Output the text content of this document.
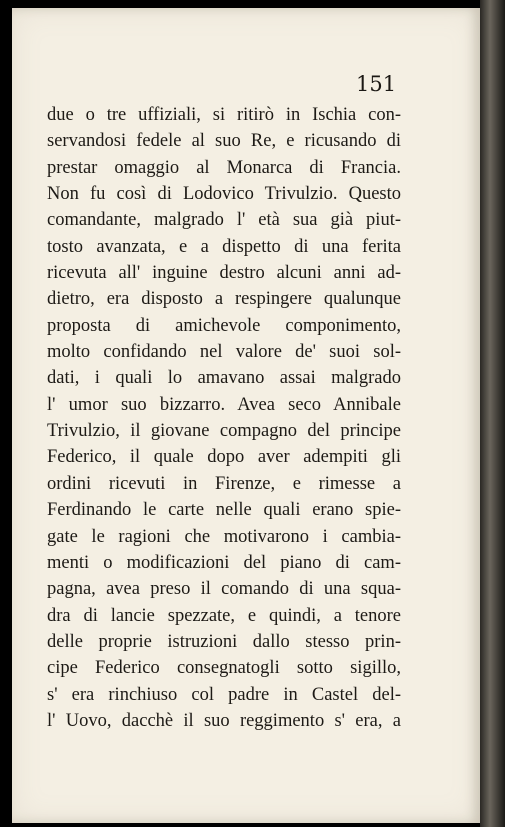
151

due o tre uffiziali, si ritirò in Ischia con-
servandosi fedele al suo Re, e ricusando di
prestar omaggio al Monarca di Francia.
Non fu così di Lodovico Trivulzio. Questo
comandante, malgrado l' età sua già piut-
tosto avanzata, e a dispetto di una ferita
ricevuta all' inguine destro alcuni anni ad-
dietro, era disposto a respingere qualunque
proposta di amichevole componimento,
molto confidando nel valore de' suoi sol-
dati, i quali lo amavano assai malgrado
l' umor suo bizzarro. Avea seco Annibale
Trivulzio, il giovane compagno del principe
Federico, il quale dopo aver adempiti gli
ordini ricevuti in Firenze, e rimesse a
Ferdinando le carte nelle quali erano spie-
gate le ragioni che motivarono i cambia-
menti o modificazioni del piano di cam-
pagna, avea preso il comando di una squa-
dra di lancie spezzate, e quindi, a tenore
delle proprie istruzioni dallo stesso prin-
cipe Federico consegnatogli sotto sigillo,
s' era rinchiuso col padre in Castel del-
l' Uovo, dacchè il suo reggimento s' era, a
